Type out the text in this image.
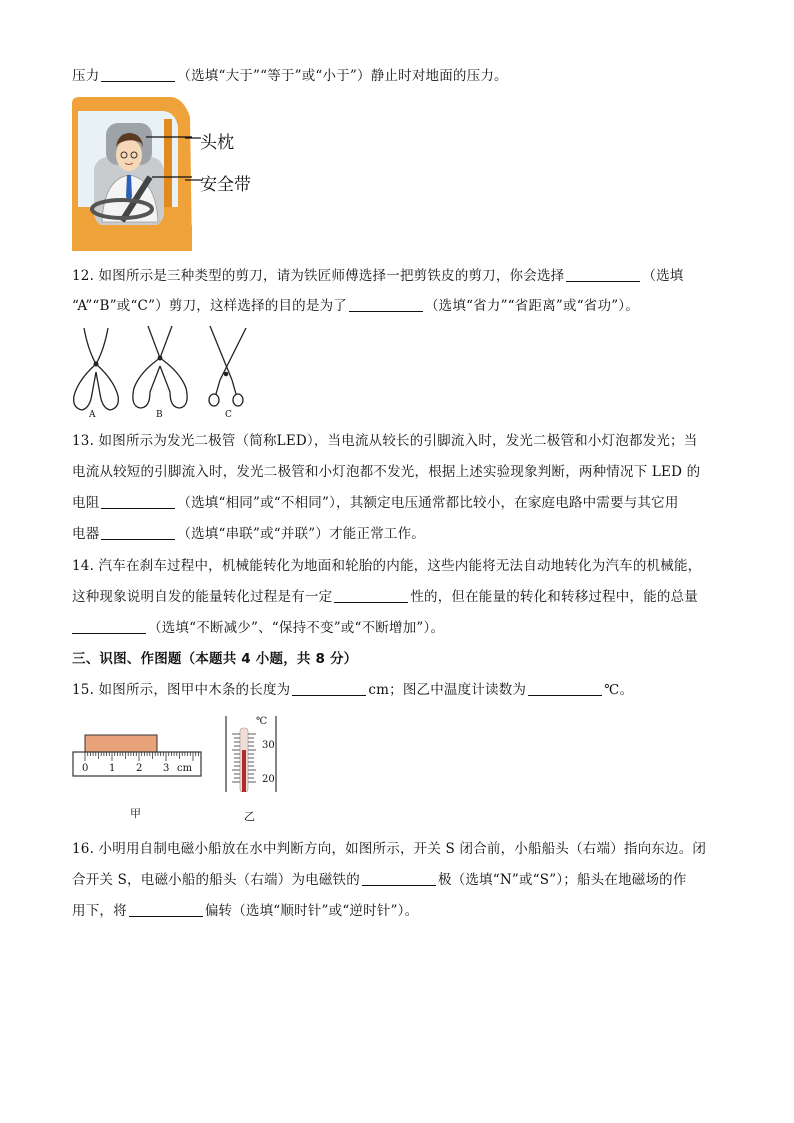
压力	（选填“大于”“等于”或“小于”）静止时对地面的压力。
头枕
安全带
12. 如图所示是三种类型的剪刀，请为铁匠师傅选择一把剪铁皮的剪刀，你会选择	（选填
“A”“B”或“C”）剪刀，这样选择的目的是为了	（选填“省力”“省距离”或“省功”）。
A	B	C
13. 如图所示为发光二极管（简称LED），当电流从较长的引脚流入时，发光二极管和小灯泡都发光；当
电流从较短的引脚流入时，发光二极管和小灯泡都不发光，根据上述实验现象判断，两种情况下 LED 的
电阻	（选填“相同”或“不相同”），其额定电压通常都比较小，在家庭电路中需要与其它用
电器	（选填“串联”或“并联”）才能正常工作。
14. 汽车在刹车过程中，机械能转化为地面和轮胎的内能，这些内能将无法自动地转化为汽车的机械能，
这种现象说明自发的能量转化过程是有一定	性的，但在能量的转化和转移过程中，能的总量
（选填“不断减少”、“保持不变”或“不断增加”）。
三、识图、作图题（本题共 4 小题，共 8 分）
15. 如图所示，图甲中木条的长度为	cm；图乙中温度计读数为	℃。
0 1 2 3 cm
℃
30
20
甲	乙
16. 小明用自制电磁小船放在水中判断方向，如图所示，开关 S 闭合前，小船船头（右端）指向东边。闭
合开关 S，电磁小船的船头（右端）为电磁铁的	极（选填“N”或“S”）；船头在地磁场的作
用下，将	偏转（选填“顺时针”或“逆时针”）。
